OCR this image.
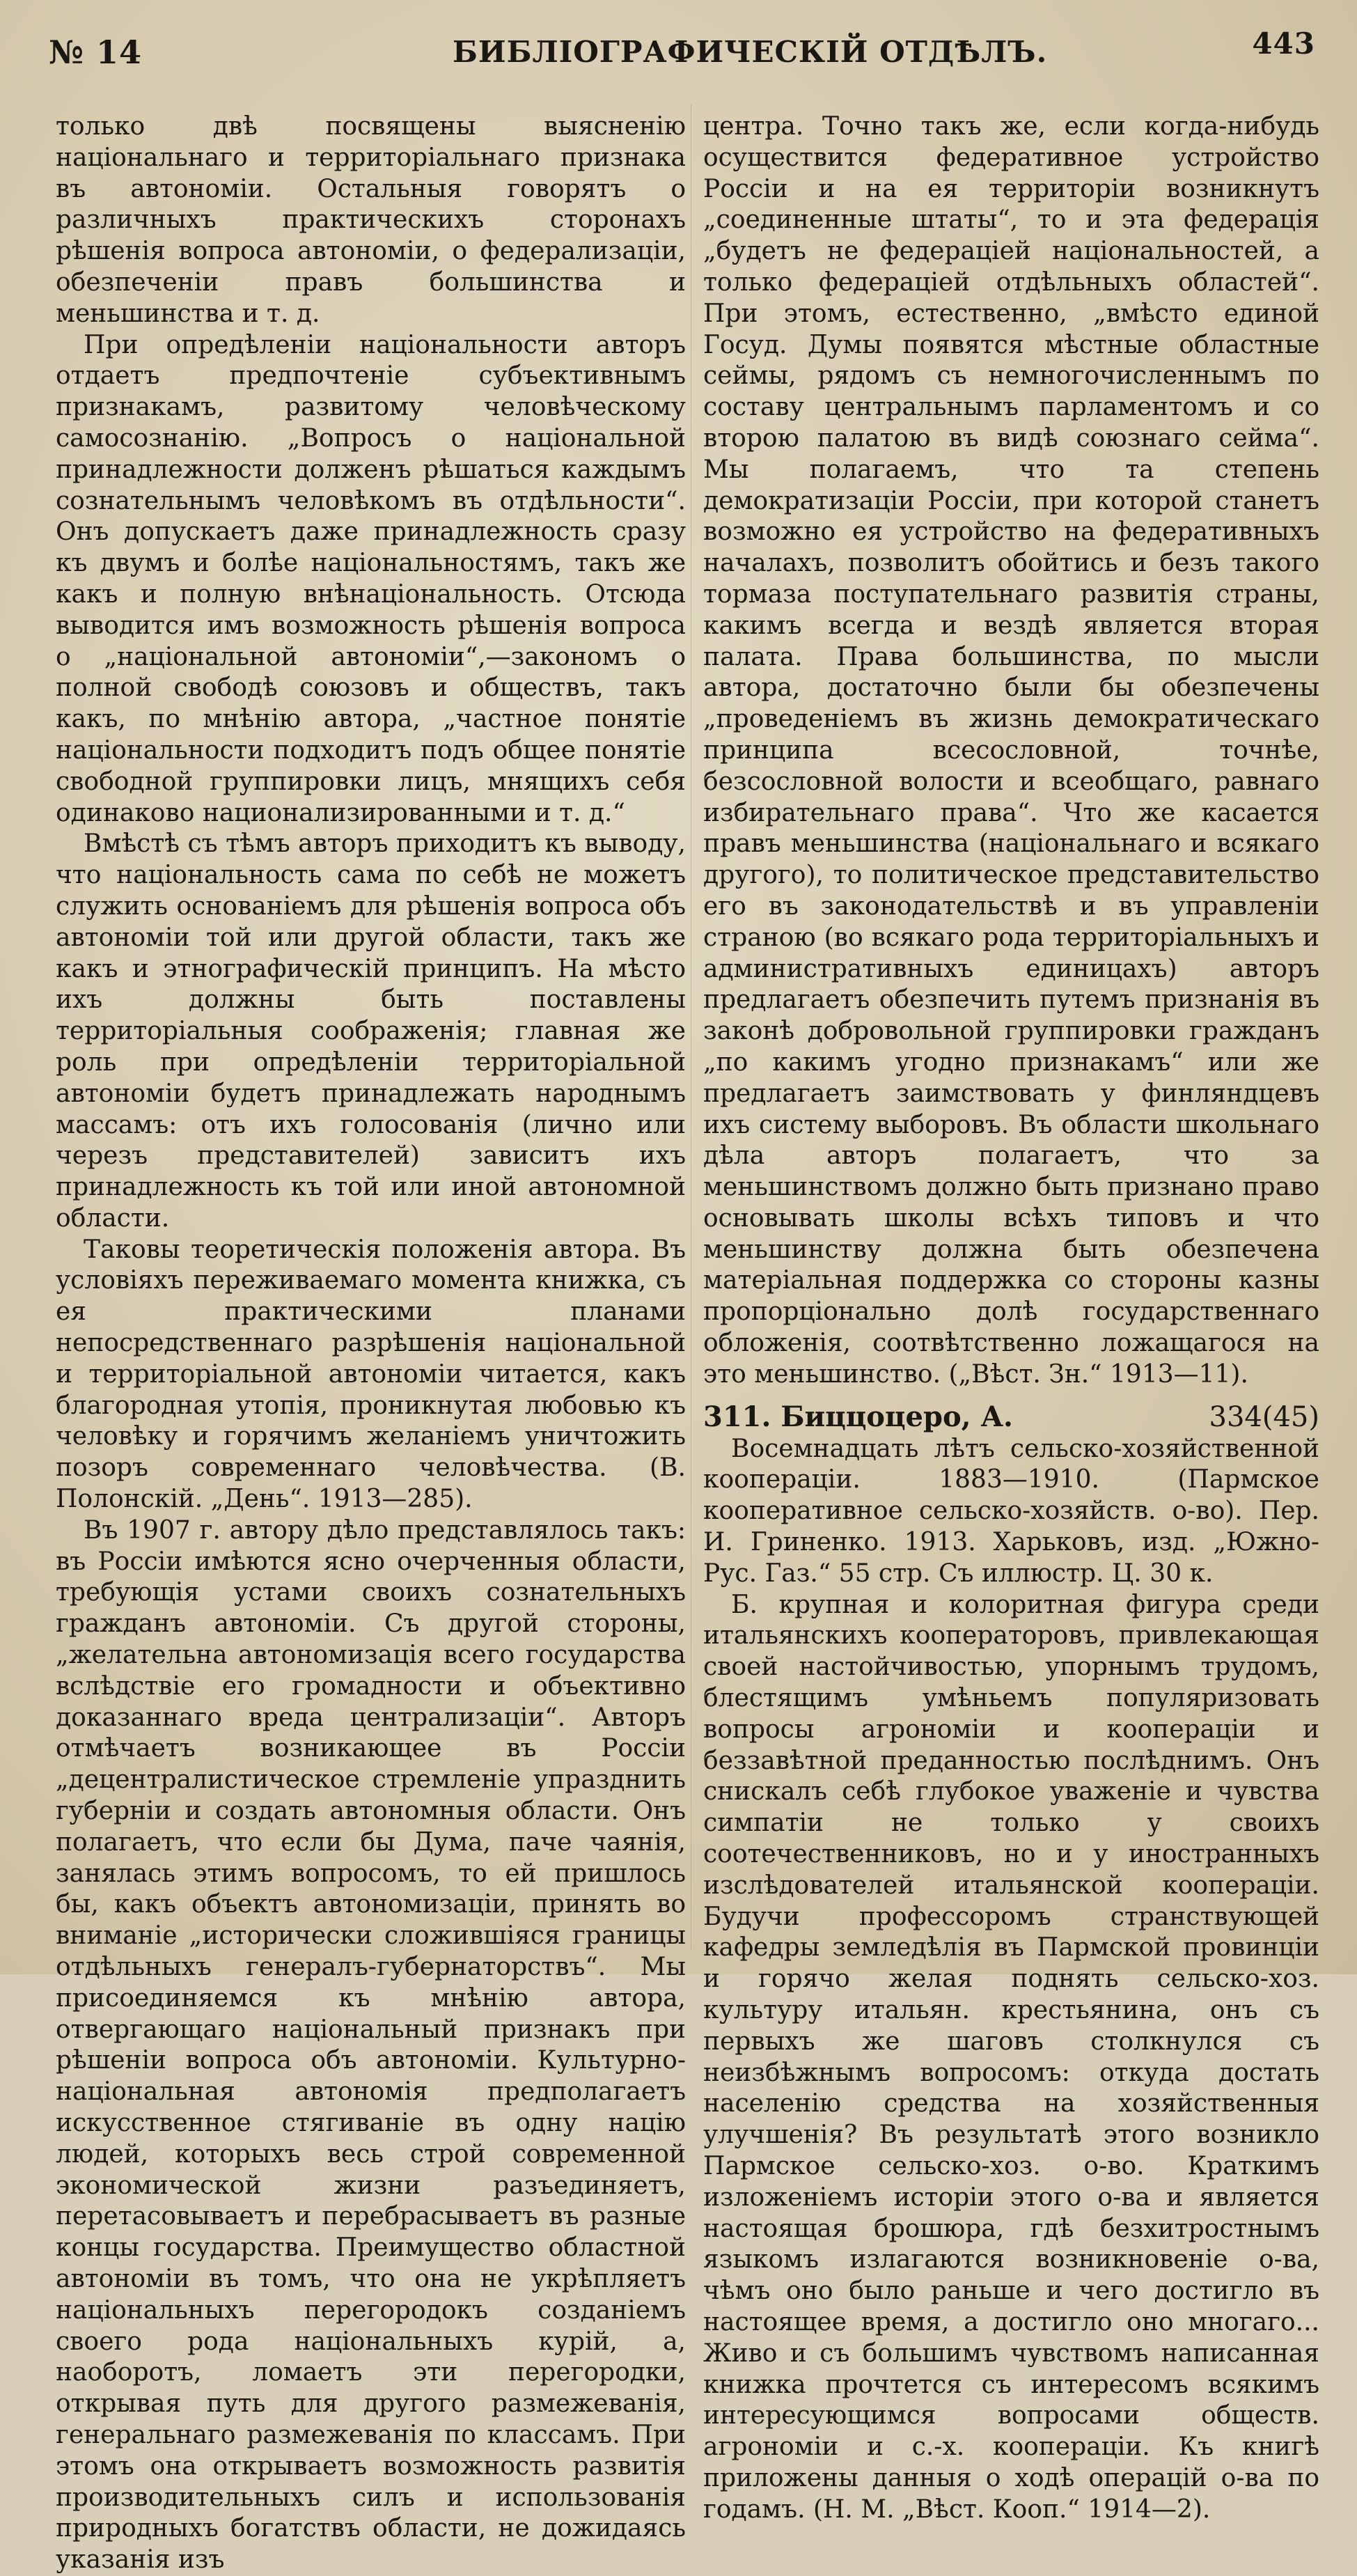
№ 14	БИБЛІОГРАФИЧЕСКІЙ ОТДѢЛЪ.	443

только двѣ посвящены выясненію національнаго и территоріальнаго признака въ автономіи. Остальныя говорятъ о различныхъ практическихъ сторонахъ рѣшенія вопроса автономіи, о федерализаціи, обезпеченіи правъ большинства и меньшинства и т. д.

При опредѣленіи національности авторъ отдаетъ предпочтеніе субъективнымъ признакамъ, развитому человѣческому самосознанію. „Вопросъ о національной принадлежности долженъ рѣшаться каждымъ сознательнымъ человѣкомъ въ отдѣльности“. Онъ допускаетъ даже принадлежность сразу къ двумъ и болѣе національностямъ, такъ же какъ и полную внѣнаціональность. Отсюда выводится имъ возможность рѣшенія вопроса о „національной автономіи“,—закономъ о полной свободѣ союзовъ и обществъ, такъ какъ, по мнѣнію автора, „частное понятіе національности подходитъ подъ общее понятіе свободной группировки лицъ, мнящихъ себя одинаково национализированными и т. д.“

Вмѣстѣ съ тѣмъ авторъ приходитъ къ выводу, что національность сама по себѣ не можетъ служить основаніемъ для рѣшенія вопроса объ автономіи той или другой области, такъ же какъ и этнографическій принципъ. На мѣсто ихъ должны быть поставлены территоріальныя соображенія; главная же роль при опредѣленіи территоріальной автономіи будетъ принадлежать народнымъ массамъ: отъ ихъ голосованія (лично или черезъ представителей) зависитъ ихъ принадлежность къ той или иной автономной области.

Таковы теоретическія положенія автора. Въ условіяхъ переживаемаго момента книжка, съ ея практическими планами непосредственнаго разрѣшенія національной и территоріальной автономіи читается, какъ благородная утопія, проникнутая любовью къ человѣку и горячимъ желаніемъ уничтожить позоръ современнаго человѣчества. (В. Полонскій. „День“. 1913—285).

Въ 1907 г. автору дѣло представлялось такъ: въ Россіи имѣются ясно очерченныя области, требующія устами своихъ сознательныхъ гражданъ автономіи. Съ другой стороны, „желательна автономизація всего государства вслѣдствіе его громадности и объективно доказаннаго вреда централизаціи“. Авторъ отмѣчаетъ возникающее въ Россіи „децентралистическое стремленіе упразднить губерніи и создать автономныя области. Онъ полагаетъ, что если бы Дума, паче чаянія, занялась этимъ вопросомъ, то ей пришлось бы, какъ объектъ автономизаціи, принять во вниманіе „исторически сложившіяся границы отдѣльныхъ генералъ-губернаторствъ“. Мы присоединяемся къ мнѣнію автора, отвергающаго національный признакъ при рѣшеніи вопроса объ автономіи. Культурно-національная автономія предполагаетъ искусственное стягиваніе въ одну націю людей, которыхъ весь строй современной экономической жизни разъединяетъ, перетасовываетъ и перебрасываетъ въ разные концы государства. Преимущество областной автономіи въ томъ, что она не укрѣпляетъ національныхъ перегородокъ созданіемъ своего рода національныхъ курій, а, наоборотъ, ломаетъ эти перегородки, открывая путь для другого размежеванія, генеральнаго размежеванія по классамъ. При этомъ она открываетъ возможность развитія производительныхъ силъ и использованія природныхъ богатствъ области, не дожидаясь указанія изъ

центра. Точно такъ же, если когда-нибудь осуществится федеративное устройство Россіи и на ея территоріи возникнутъ „соединенные штаты“, то и эта федерація „будетъ не федераціей національностей, а только федераціей отдѣльныхъ областей“. При этомъ, естественно, „вмѣсто единой Госуд. Думы появятся мѣстные областные сеймы, рядомъ съ немногочисленнымъ по составу центральнымъ парламентомъ и со второю палатою въ видѣ союзнаго сейма“. Мы полагаемъ, что та степень демократизаціи Россіи, при которой станетъ возможно ея устройство на федеративныхъ началахъ, позволитъ обойтись и безъ такого тормаза поступательнаго развитія страны, какимъ всегда и вездѣ является вторая палата. Права большинства, по мысли автора, достаточно были бы обезпечены „проведеніемъ въ жизнь демократическаго принципа всесословной, точнѣе, безсословной волости и всеобщаго, равнаго избирательнаго права“. Что же касается правъ меньшинства (національнаго и всякаго другого), то политическое представительство его въ законодательствѣ и въ управленіи страною (во всякаго рода территоріальныхъ и административныхъ единицахъ) авторъ предлагаетъ обезпечить путемъ признанія въ законѣ добровольной группировки гражданъ „по какимъ угодно признакамъ“ или же предлагаетъ заимствовать у финляндцевъ ихъ систему выборовъ. Въ области школьнаго дѣла авторъ полагаетъ, что за меньшинствомъ должно быть признано право основывать школы всѣхъ типовъ и что меньшинству должна быть обезпечена матеріальная поддержка со стороны казны пропорціонально долѣ государственнаго обложенія, соотвѣтственно ложащагося на это меньшинство. („Вѣст. Зн.“ 1913—11).

311. Биццоцеро, А.	334(45)

Восемнадцать лѣтъ сельско-хозяйственной коопераціи. 1883—1910. (Пармское кооперативное сельско-хозяйств. о-во). Пер. И. Гриненко. 1913. Харьковъ, изд. „Южно-Рус. Газ.“ 55 стр. Съ иллюстр. Ц. 30 к.

Б. крупная и колоритная фигура среди итальянскихъ кооператоровъ, привлекающая своей настойчивостью, упорнымъ трудомъ, блестящимъ умѣньемъ популяризовать вопросы агрономіи и коопераціи и беззавѣтной преданностью послѣднимъ. Онъ снискалъ себѣ глубокое уваженіе и чувства симпатіи не только у своихъ соотечественниковъ, но и у иностранныхъ изслѣдователей итальянской коопераціи. Будучи профессоромъ странствующей кафедры земледѣлія въ Пармской провинціи и горячо желая поднять сельско-хоз. культуру итальян. крестьянина, онъ съ первыхъ же шаговъ столкнулся съ неизбѣжнымъ вопросомъ: откуда достать населенію средства на хозяйственныя улучшенія? Въ результатѣ этого возникло Пармское сельско-хоз. о-во. Краткимъ изложеніемъ исторіи этого о-ва и является настоящая брошюра, гдѣ безхитростнымъ языкомъ излагаются возникновеніе о-ва, чѣмъ оно было раньше и чего достигло въ настоящее время, а достигло оно многаго... Живо и съ большимъ чувствомъ написанная книжка прочтется съ интересомъ всякимъ интересующимся вопросами обществ. агрономіи и с.-х. коопераціи. Къ книгѣ приложены данныя о ходѣ операцій о-ва по годамъ. (Н. М. „Вѣст. Кооп.“ 1914—2).
